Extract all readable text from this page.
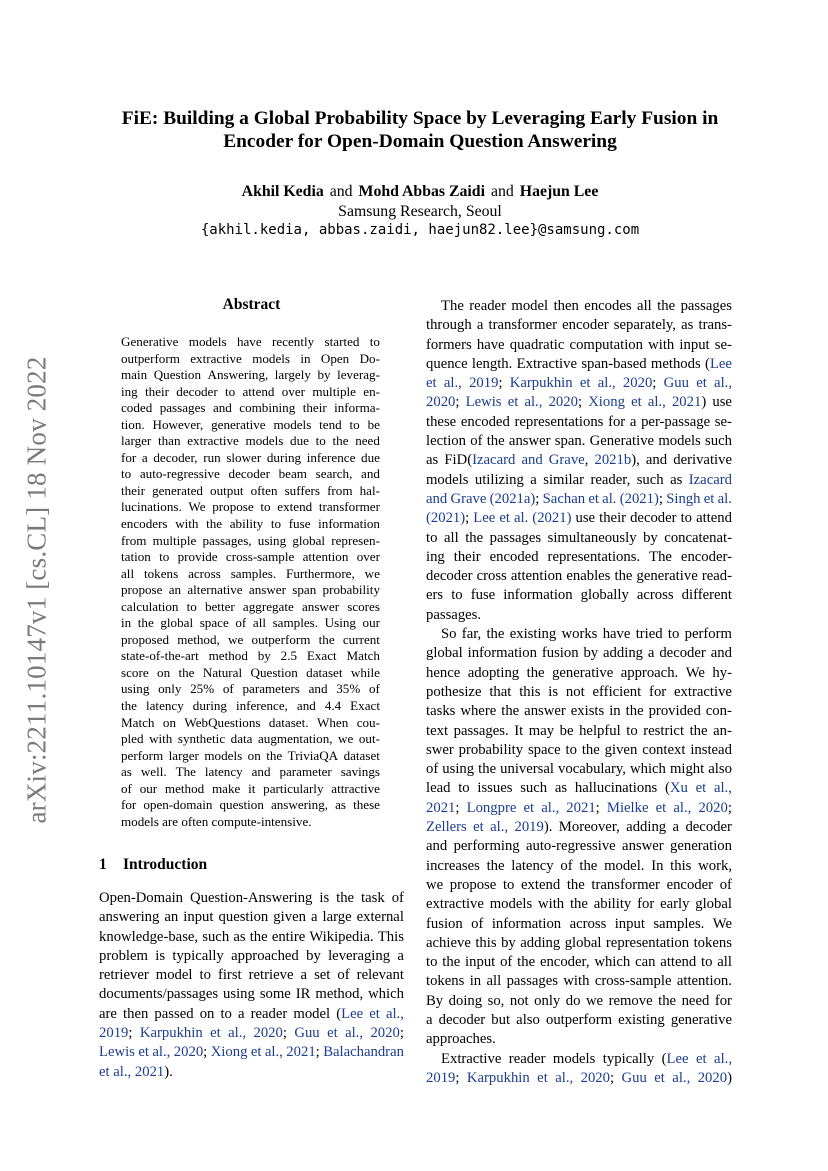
arXiv:2211.10147v1 [cs.CL] 18 Nov 2022
FiE: Building a Global Probability Space by Leveraging Early Fusion in
Encoder for Open-Domain Question Answering
Akhil Kedia and Mohd Abbas Zaidi and Haejun Lee
Samsung Research, Seoul
{akhil.kedia, abbas.zaidi, haejun82.lee}@samsung.com
Abstract
Generative models have recently started to
outperform extractive models in Open Do-
main Question Answering, largely by leverag-
ing their decoder to attend over multiple en-
coded passages and combining their informa-
tion. However, generative models tend to be
larger than extractive models due to the need
for a decoder, run slower during inference due
to auto-regressive decoder beam search, and
their generated output often suffers from hal-
lucinations. We propose to extend transformer
encoders with the ability to fuse information
from multiple passages, using global represen-
tation to provide cross-sample attention over
all tokens across samples. Furthermore, we
propose an alternative answer span probability
calculation to better aggregate answer scores
in the global space of all samples. Using our
proposed method, we outperform the current
state-of-the-art method by 2.5 Exact Match
score on the Natural Question dataset while
using only 25% of parameters and 35% of
the latency during inference, and 4.4 Exact
Match on WebQuestions dataset. When cou-
pled with synthetic data augmentation, we out-
perform larger models on the TriviaQA dataset
as well. The latency and parameter savings
of our method make it particularly attractive
for open-domain question answering, as these
models are often compute-intensive.
1 Introduction
Open-Domain Question-Answering is the task of
answering an input question given a large external
knowledge-base, such as the entire Wikipedia. This
problem is typically approached by leveraging a
retriever model to first retrieve a set of relevant
documents/passages using some IR method, which
are then passed on to a reader model (Lee et al.,
2019; Karpukhin et al., 2020; Guu et al., 2020;
Lewis et al., 2020; Xiong et al., 2021; Balachandran
et al., 2021).
The reader model then encodes all the passages
through a transformer encoder separately, as trans-
formers have quadratic computation with input se-
quence length. Extractive span-based methods (Lee
et al., 2019; Karpukhin et al., 2020; Guu et al.,
2020; Lewis et al., 2020; Xiong et al., 2021) use
these encoded representations for a per-passage se-
lection of the answer span. Generative models such
as FiD(Izacard and Grave, 2021b), and derivative
models utilizing a similar reader, such as Izacard
and Grave (2021a); Sachan et al. (2021); Singh et al.
(2021); Lee et al. (2021) use their decoder to attend
to all the passages simultaneously by concatenat-
ing their encoded representations. The encoder-
decoder cross attention enables the generative read-
ers to fuse information globally across different
passages.
So far, the existing works have tried to perform
global information fusion by adding a decoder and
hence adopting the generative approach. We hy-
pothesize that this is not efficient for extractive
tasks where the answer exists in the provided con-
text passages. It may be helpful to restrict the an-
swer probability space to the given context instead
of using the universal vocabulary, which might also
lead to issues such as hallucinations (Xu et al.,
2021; Longpre et al., 2021; Mielke et al., 2020;
Zellers et al., 2019). Moreover, adding a decoder
and performing auto-regressive answer generation
increases the latency of the model. In this work,
we propose to extend the transformer encoder of
extractive models with the ability for early global
fusion of information across input samples. We
achieve this by adding global representation tokens
to the input of the encoder, which can attend to all
tokens in all passages with cross-sample attention.
By doing so, not only do we remove the need for
a decoder but also outperform existing generative
approaches.
Extractive reader models typically (Lee et al.,
2019; Karpukhin et al., 2020; Guu et al., 2020)
